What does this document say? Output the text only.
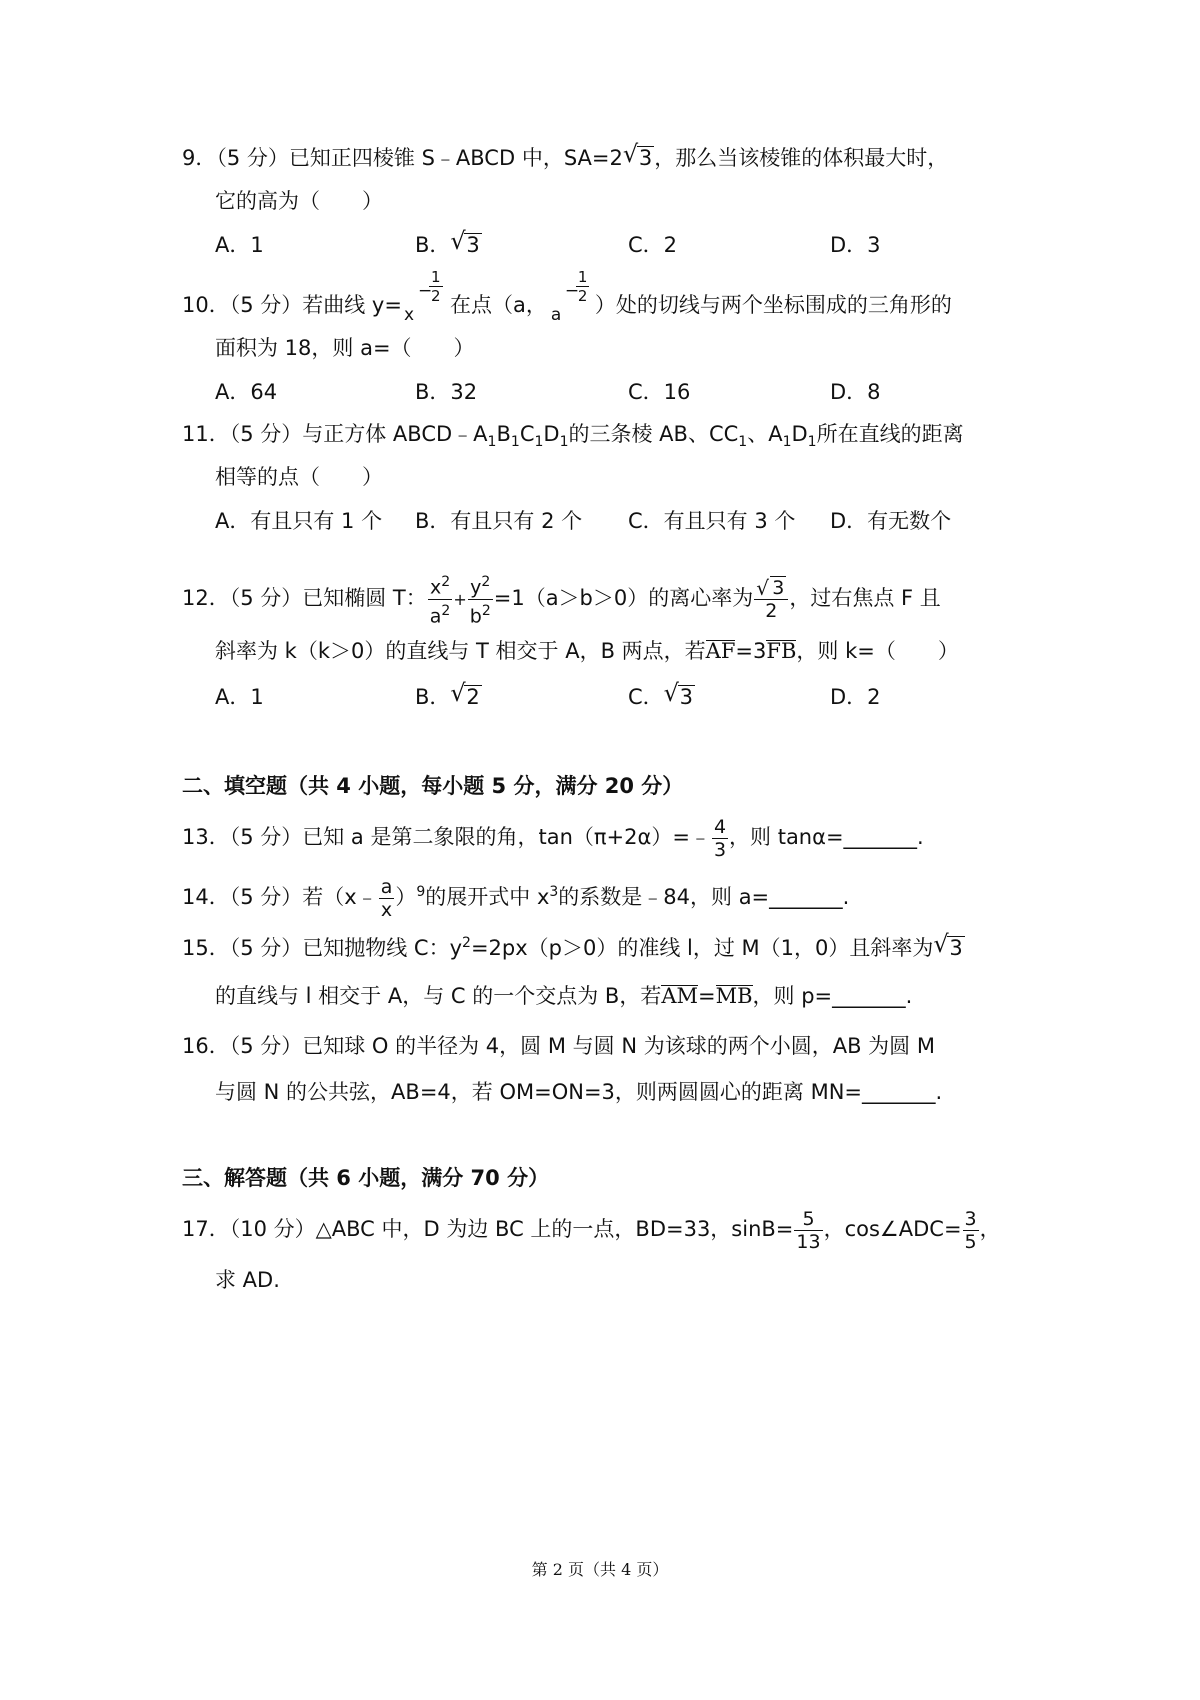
9．（5 分）已知正四棱锥 S﹣ABCD 中，SA=2 √ 3，那么当该棱锥的体积最大时，
它的高为（　　）
A．1	B． √ 3	C．2	D．3
10．（5 分）若曲线 y= x
−
1
2 在点（a， a
−
1
2 ）处的切线与两个坐标围成的三角形的
面积为 18，则 a=（　　）
A．64	B．32	C．16	D．8
11．（5 分）与正方体 $ABCD﹣A_1B_1C_1D_1$的三条棱 AB、$CC_1$、$A_1D_1$所在直线的距离
相等的点（　　）
A．有且只有 1 个 B．有且只有 2 个 C．有且只有 3 个 D．有无数个
12．（5 分）已知椭圆 T： $\frac{x^2}{a^2} + \frac{y^2}{b^2} =1(a>b>0)$的离心率为 $\frac{√ 3}{2}$ ，过右焦点 F 且
斜率为 k（k＞0）的直线与 T 相交于 A，B 两点，若AF=3FB，则 k=（　　）
A．1	B． √ 2	C． √ 3	D．2
二、填空题（共 4 小题，每小题 5 分，满分 20 分）
13．（5 分）已知 a 是第二象限的角，tan（π+2α）=﹣ $\frac{4}{3}$ ，则 tanα=_______.
14．（5 分）若（x﹣ $\frac{a}{x} )^9$的展开式中 $x^3$的系数是﹣84，则 a=_______.
15．（5 分）已知抛物线 C：$y^2=2px(p>0)$的准线 l，过 M（1，0）且斜率为 √ 3
的直线与 l 相交于 A，与 C 的一个交点为 B，若AM=MB，则 p=_______.
16．（5 分）已知球 O 的半径为 4，圆 M 与圆 N 为该球的两个小圆，AB 为圆 M
与圆 N 的公共弦，AB=4，若 OM=ON=3，则两圆圆心的距离 MN=_______.
三、解答题（共 6 小题，满分 70 分）
17．（10 分）△ABC 中，D 为边 BC 上的一点，BD=33，$\sin B= \frac{5}{13}$ ，cos∠ADC= $\frac{3}{5}$ ，
求 AD.
第 2 页（共 4 页）
